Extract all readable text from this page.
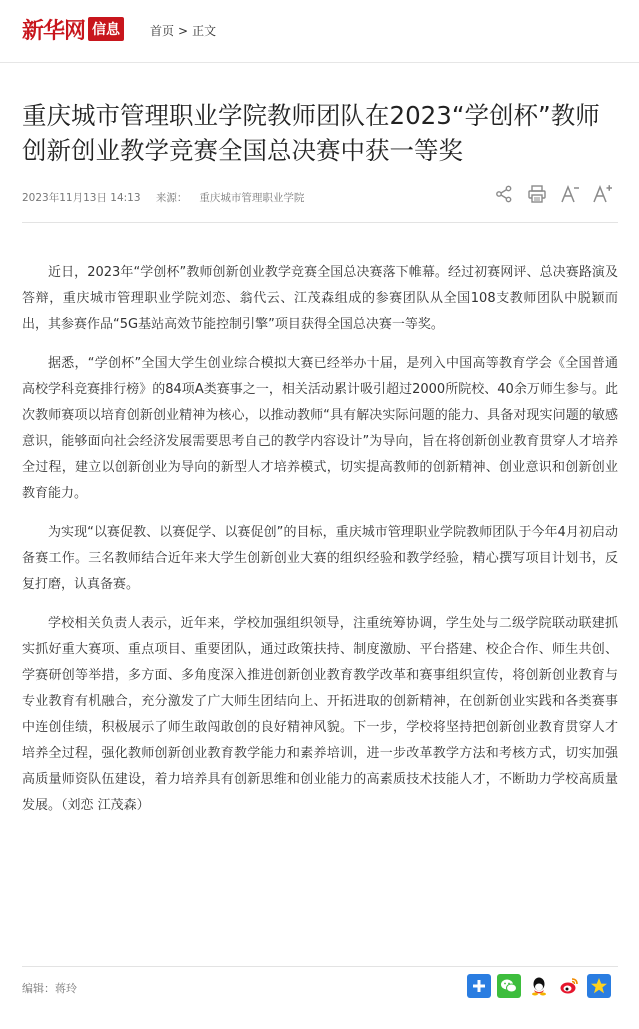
新华网 信息	首页 > 正文
重庆城市管理职业学院教师团队在2023“学创杯”教师创新创业教学竞赛全国总决赛中获一等奖
2023年11月13日 14:13 来源： 重庆城市管理职业学院

近日，2023年“学创杯”教师创新创业教学竞赛全国总决赛落下帷幕。经过初赛网评、总决赛路演及答辩，重庆城市管理职业学院刘恋、翁代云、江茂森组成的参赛团队从全国108支教师团队中脱颖而出，其参赛作品“5G基站高效节能控制引擎”项目获得全国总决赛一等奖。

据悉，“学创杯”全国大学生创业综合模拟大赛已经举办十届，是列入中国高等教育学会《全国普通高校学科竞赛排行榜》的84项A类赛事之一，相关活动累计吸引超过2000所院校、40余万师生参与。此次教师赛项以培育创新创业精神为核心，以推动教师“具有解决实际问题的能力、具备对现实问题的敏感意识，能够面向社会经济发展需要思考自己的教学内容设计”为导向，旨在将创新创业教育贯穿人才培养全过程，建立以创新创业为导向的新型人才培养模式，切实提高教师的创新精神、创业意识和创新创业教育能力。

为实现“以赛促教、以赛促学、以赛促创”的目标，重庆城市管理职业学院教师团队于今年4月初启动备赛工作。三名教师结合近年来大学生创新创业大赛的组织经验和教学经验，精心撰写项目计划书，反复打磨，认真备赛。

学校相关负责人表示，近年来，学校加强组织领导，注重统筹协调，学生处与二级学院联动联建抓实抓好重大赛项、重点项目、重要团队，通过政策扶持、制度激励、平台搭建、校企合作、师生共创、学赛研创等举措，多方面、多角度深入推进创新创业教育教学改革和赛事组织宣传，将创新创业教育与专业教育有机融合，充分激发了广大师生团结向上、开拓进取的创新精神，在创新创业实践和各类赛事中连创佳绩，积极展示了师生敢闯敢创的良好精神风貌。下一步，学校将坚持把创新创业教育贯穿人才培养全过程，强化教师创新创业教育教学能力和素养培训，进一步改革教学方法和考核方式，切实加强高质量师资队伍建设，着力培养具有创新思维和创业能力的高素质技术技能人才，不断助力学校高质量发展。（刘恋 江茂森）

编辑：蒋玲
